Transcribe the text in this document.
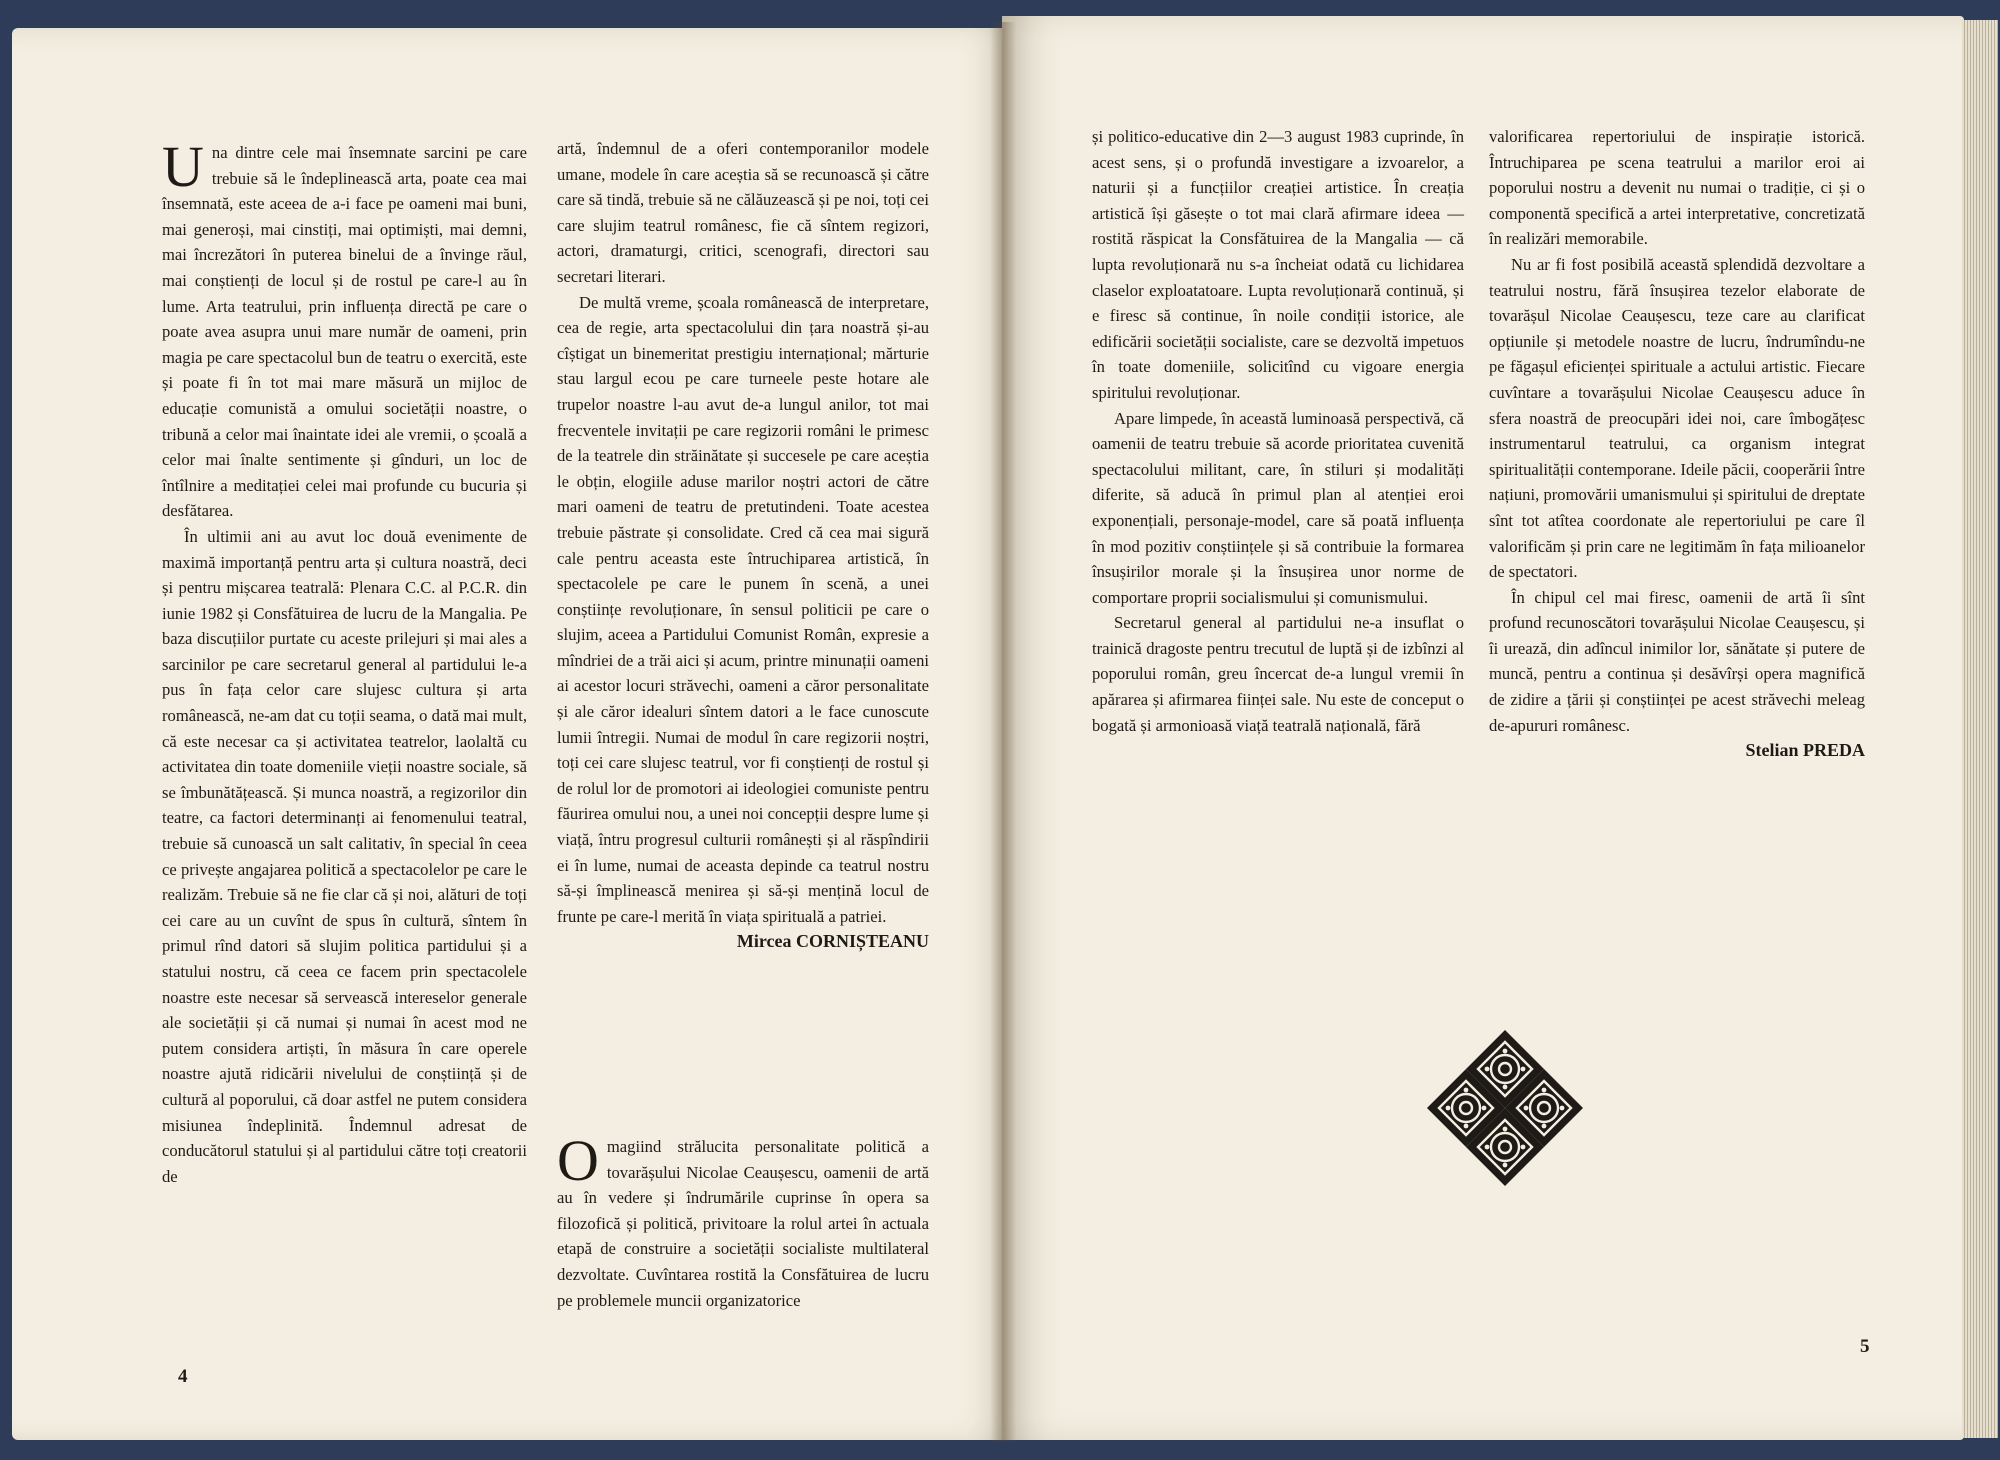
Una dintre cele mai însemnate sarcini pe care trebuie să le îndeplinească arta, poate cea mai însemnată, este aceea de a-i face pe oameni mai buni, mai generoși, mai cinstiți, mai optimiști, mai demni, mai încrezători în puterea binelui de a învinge răul, mai conștienți de locul și de rostul pe care-l au în lume. Arta teatrului, prin influența directă pe care o poate avea asupra unui mare număr de oameni, prin magia pe care spectacolul bun de teatru o exercită, este și poate fi în tot mai mare măsură un mijloc de educație comunistă a omului societății noastre, o tribună a celor mai înaintate idei ale vremii, o școală a celor mai înalte sentimente și gînduri, un loc de întîlnire a meditației celei mai profunde cu bucuria și desfătarea.

În ultimii ani au avut loc două evenimente de maximă importanță pentru arta și cultura noastră, deci și pentru mișcarea teatrală: Plenara C.C. al P.C.R. din iunie 1982 și Consfătuirea de lucru de la Mangalia. Pe baza discuțiilor purtate cu aceste prilejuri și mai ales a sarcinilor pe care secretarul general al partidului le-a pus în fața celor care slujesc cultura și arta românească, ne-am dat cu toții seama, o dată mai mult, că este necesar ca și activitatea teatrelor, laolaltă cu activitatea din toate domeniile vieții noastre sociale, să se îmbunătățească. Și munca noastră, a regizorilor din teatre, ca factori determinanți ai fenomenului teatral, trebuie să cunoască un salt calitativ, în special în ceea ce privește angajarea politică a spectacolelor pe care le realizăm. Trebuie să ne fie clar că și noi, alături de toți cei care au un cuvînt de spus în cultură, sîntem în primul rînd datori să slujim politica partidului și a statului nostru, că ceea ce facem prin spectacolele noastre este necesar să servească intereselor generale ale societății și că numai și numai în acest mod ne putem considera artiști, în măsura în care operele noastre ajută ridicării nivelului de conștiință și de cultură al poporului, că doar astfel ne putem considera misiunea îndeplinită. Îndemnul adresat de conducătorul statului și al partidului către toți creatorii de

artă, îndemnul de a oferi contemporanilor modele umane, modele în care aceștia să se recunoască și către care să tindă, trebuie să ne călăuzească și pe noi, toți cei care slujim teatrul românesc, fie că sîntem regizori, actori, dramaturgi, critici, scenografi, directori sau secretari literari.

De multă vreme, școala românească de interpretare, cea de regie, arta spectacolului din țara noastră și-au cîștigat un binemeritat prestigiu internațional; mărturie stau largul ecou pe care turneele peste hotare ale trupelor noastre l-au avut de-a lungul anilor, tot mai frecventele invitații pe care regizorii români le primesc de la teatrele din străinătate și succesele pe care aceștia le obțin, elogiile aduse marilor noștri actori de către mari oameni de teatru de pretutindeni. Toate acestea trebuie păstrate și consolidate. Cred că cea mai sigură cale pentru aceasta este întruchiparea artistică, în spectacolele pe care le punem în scenă, a unei conștiințe revoluționare, în sensul politicii pe care o slujim, aceea a Partidului Comunist Român, expresie a mîndriei de a trăi aici și acum, printre minunații oameni ai acestor locuri străvechi, oameni a căror personalitate și ale căror idealuri sîntem datori a le face cunoscute lumii întregii. Numai de modul în care regizorii noștri, toți cei care slujesc teatrul, vor fi conștienți de rostul și de rolul lor de promotori ai ideologiei comuniste pentru făurirea omului nou, a unei noi concepții despre lume și viață, întru progresul culturii românești și al răspîndirii ei în lume, numai de aceasta depinde ca teatrul nostru să-și împlinească menirea și să-și mențină locul de frunte pe care-l merită în viața spirituală a patriei.

Mircea CORNIȘTEANU

Omagiind strălucita personalitate politică a tovarășului Nicolae Ceaușescu, oamenii de artă au în vedere și îndrumările cuprinse în opera sa filozofică și politică, privitoare la rolul artei în actuala etapă de construire a societății socialiste multilateral dezvoltate. Cuvîntarea rostită la Consfătuirea de lucru pe problemele muncii organizatorice

4

și politico-educative din 2—3 august 1983 cuprinde, în acest sens, și o profundă investigare a izvoarelor, a naturii și a funcțiilor creației artistice. În creația artistică își găsește o tot mai clară afirmare ideea — rostită răspicat la Consfătuirea de la Mangalia — că lupta revoluționară nu s-a încheiat odată cu lichidarea claselor exploatatoare. Lupta revoluționară continuă, și e firesc să continue, în noile condiții istorice, ale edificării societății socialiste, care se dezvoltă impetuos în toate domeniile, solicitînd cu vigoare energia spiritului revoluționar.

Apare limpede, în această luminoasă perspectivă, că oamenii de teatru trebuie să acorde prioritatea cuvenită spectacolului militant, care, în stiluri și modalități diferite, să aducă în primul plan al atenției eroi exponențiali, personaje-model, care să poată influența în mod pozitiv conștiințele și să contribuie la formarea însușirilor morale și la însușirea unor norme de comportare proprii socialismului și comunismului.

Secretarul general al partidului ne-a insuflat o trainică dragoste pentru trecutul de luptă și de izbînzi al poporului român, greu încercat de-a lungul vremii în apărarea și afirmarea ființei sale. Nu este de conceput o bogată și armonioasă viață teatrală națională, fără

valorificarea repertoriului de inspirație istorică. Întruchiparea pe scena teatrului a marilor eroi ai poporului nostru a devenit nu numai o tradiție, ci și o componentă specifică a artei interpretative, concretizată în realizări memorabile.

Nu ar fi fost posibilă această splendidă dezvoltare a teatrului nostru, fără însușirea tezelor elaborate de tovarășul Nicolae Ceaușescu, teze care au clarificat opțiunile și metodele noastre de lucru, îndrumîndu-ne pe făgașul eficienței spirituale a actului artistic. Fiecare cuvîntare a tovarășului Nicolae Ceaușescu aduce în sfera noastră de preocupări idei noi, care îmbogățesc instrumentarul teatrului, ca organism integrat spiritualității contemporane. Ideile păcii, cooperării între națiuni, promovării umanismului și spiritului de dreptate sînt tot atîtea coordonate ale repertoriului pe care îl valorificăm și prin care ne legitimăm în fața milioanelor de spectatori.

În chipul cel mai firesc, oamenii de artă îi sînt profund recunoscători tovarășului Nicolae Ceaușescu, și îi urează, din adîncul inimilor lor, sănătate și putere de muncă, pentru a continua și desăvîrși opera magnifică de zidire a țării și conștiinței pe acest străvechi meleag de-apururi românesc.

Stelian PREDA

5
